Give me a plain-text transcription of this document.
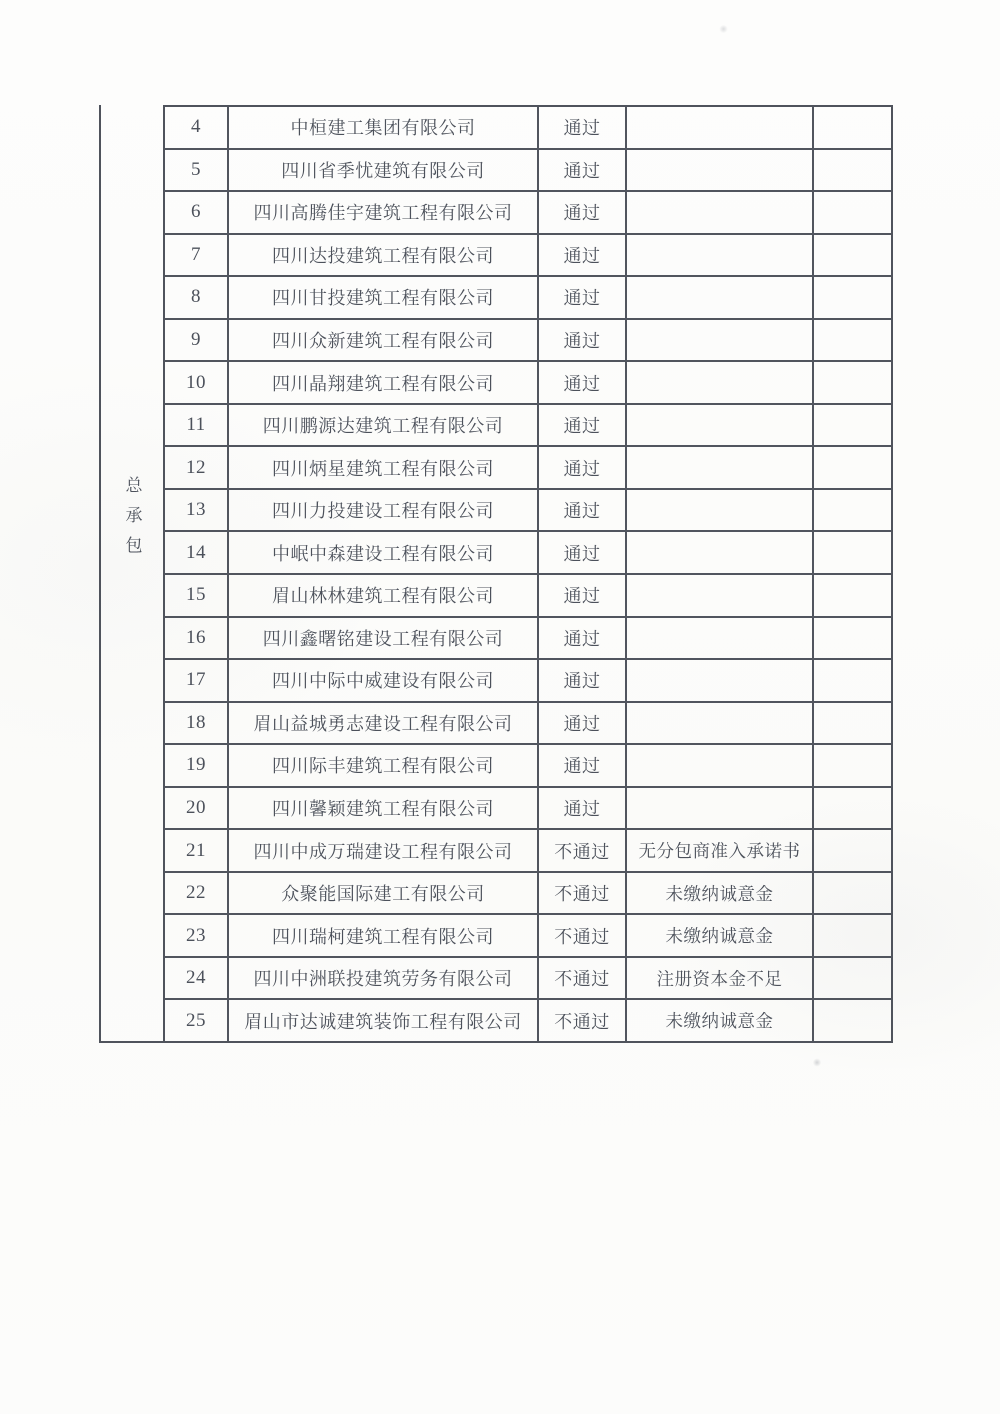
总承包
4	中桓建工集团有限公司	通过
5	四川省季忧建筑有限公司	通过
6	四川高腾佳宇建筑工程有限公司	通过
7	四川达投建筑工程有限公司	通过
8	四川甘投建筑工程有限公司	通过
9	四川众新建筑工程有限公司	通过
10	四川晶翔建筑工程有限公司	通过
11	四川鹏源达建筑工程有限公司	通过
12	四川炳星建筑工程有限公司	通过
13	四川力投建设工程有限公司	通过
14	中岷中森建设工程有限公司	通过
15	眉山林林建筑工程有限公司	通过
16	四川鑫曙铭建设工程有限公司	通过
17	四川中际中威建设有限公司	通过
18	眉山益城勇志建设工程有限公司	通过
19	四川际丰建筑工程有限公司	通过
20	四川馨颖建筑工程有限公司	通过
21	四川中成万瑞建设工程有限公司	不通过	无分包商准入承诺书
22	众聚能国际建工有限公司	不通过	未缴纳诚意金
23	四川瑞柯建筑工程有限公司	不通过	未缴纳诚意金
24	四川中洲联投建筑劳务有限公司	不通过	注册资本金不足
25	眉山市达诚建筑装饰工程有限公司	不通过	未缴纳诚意金
